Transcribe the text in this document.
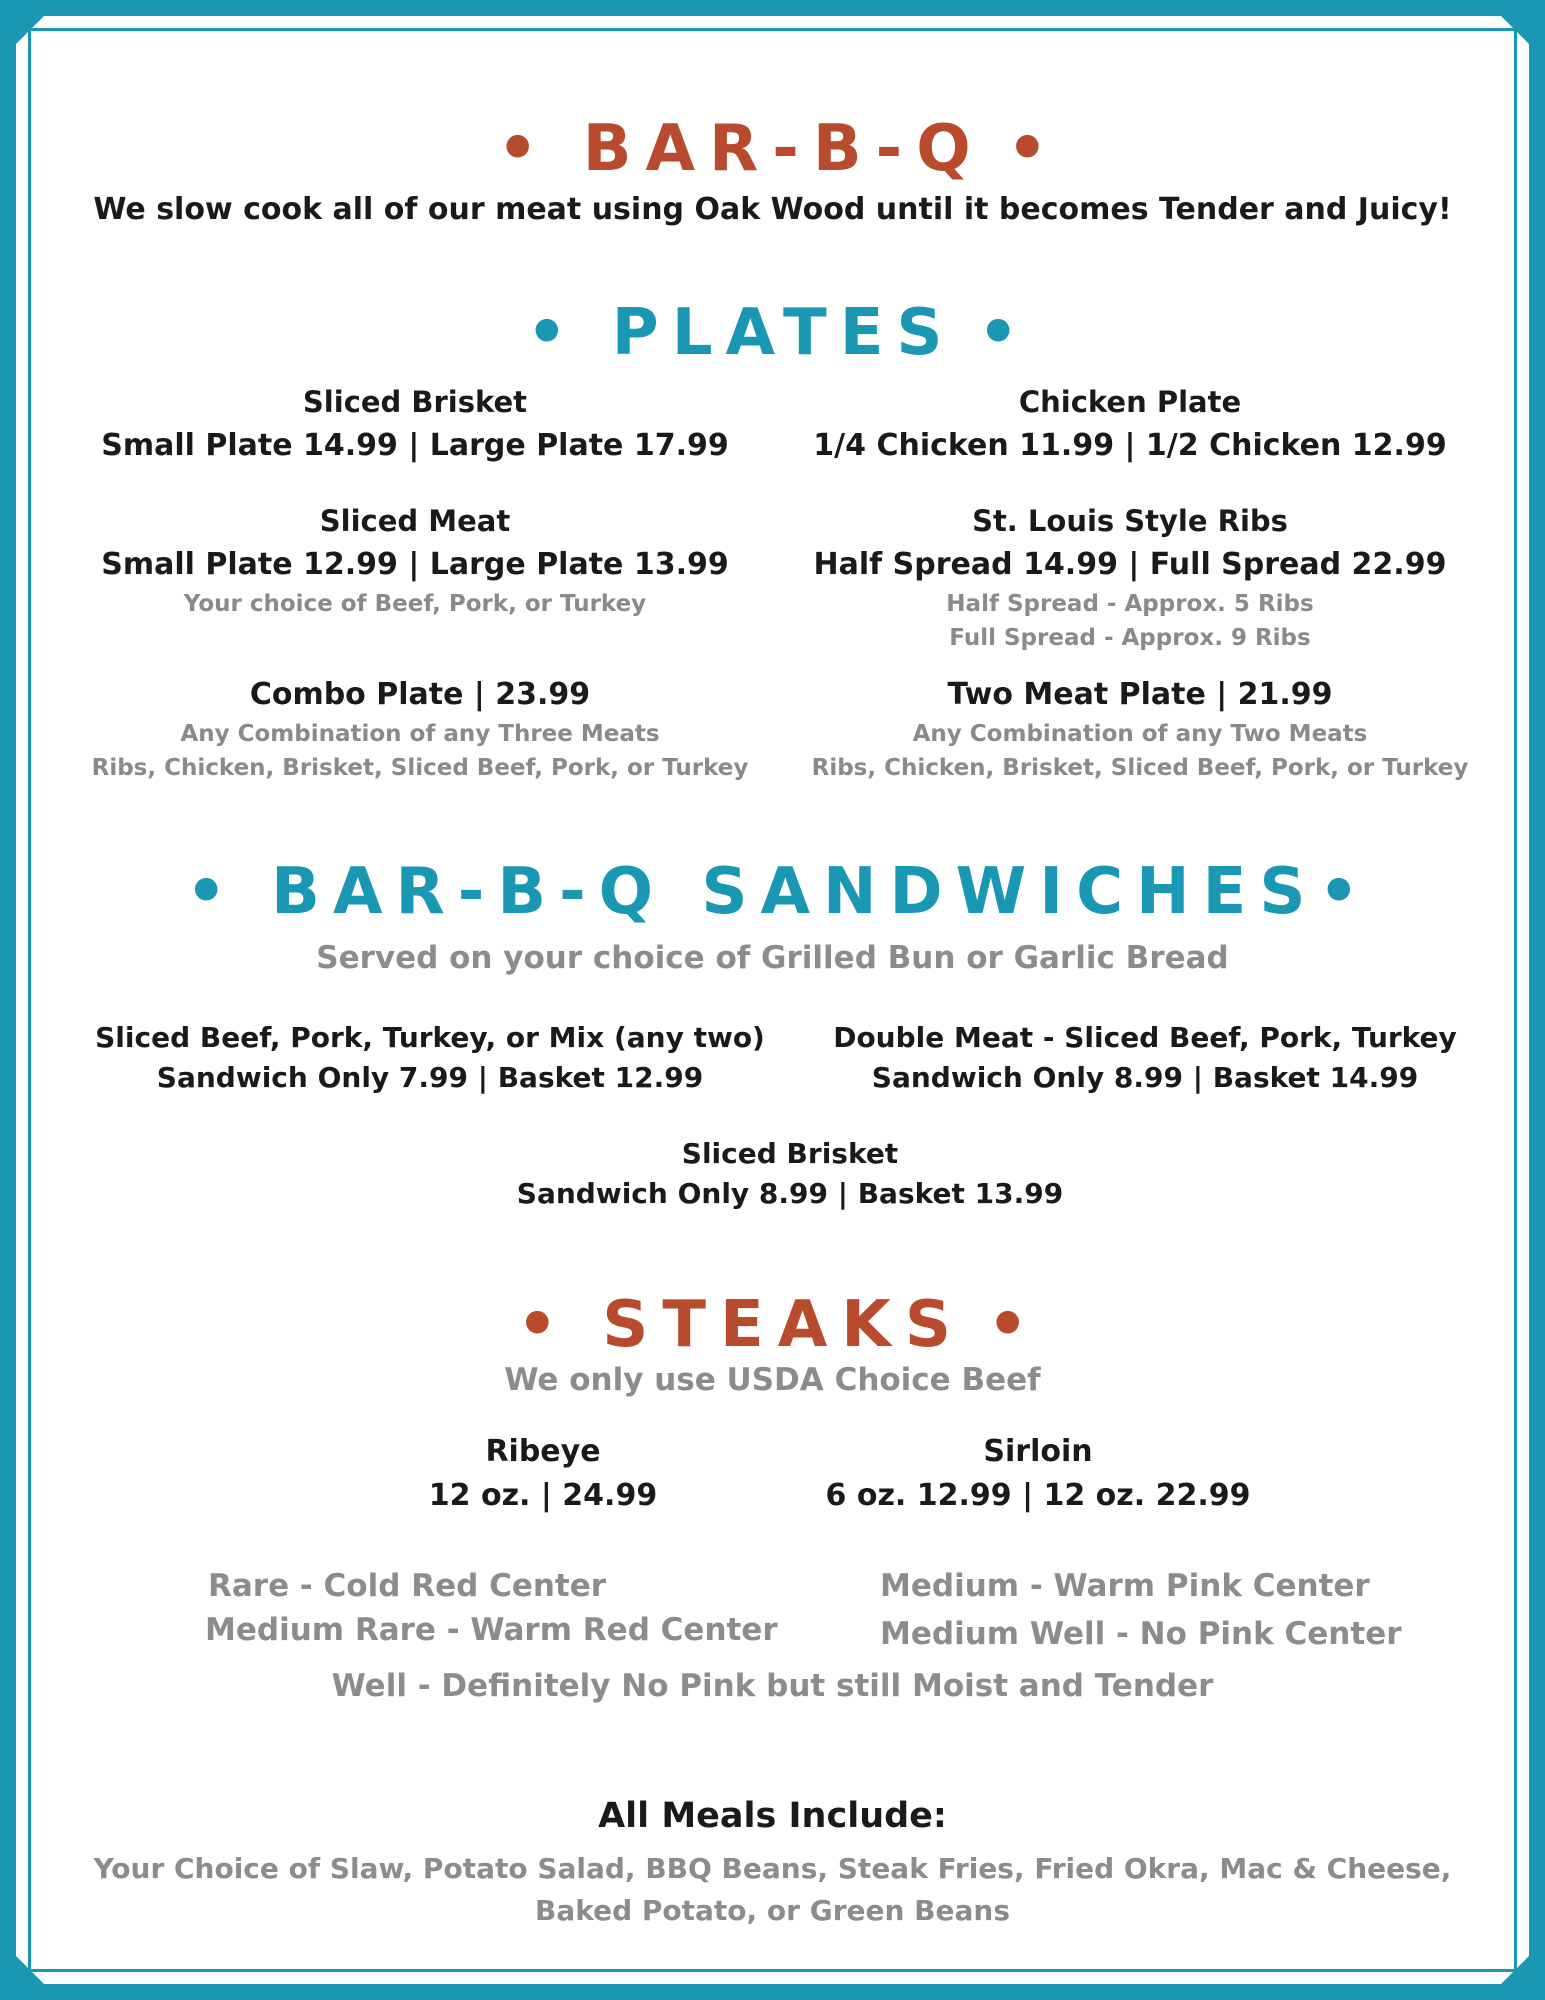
•  BAR-B-Q •
We slow cook all of our meat using Oak Wood until it becomes Tender and Juicy!
•  PLATES •
Sliced Brisket
Small Plate 14.99 | Large Plate 17.99
Chicken Plate
1/4 Chicken 11.99 | 1/2 Chicken 12.99
Sliced Meat
Small Plate 12.99 | Large Plate 13.99
Your choice of Beef, Pork, or Turkey
St. Louis Style Ribs
Half Spread 14.99 | Full Spread 22.99
Half Spread - Approx. 5 Ribs
Full Spread - Approx. 9 Ribs
Combo Plate | 23.99
Any Combination of any Three Meats
Ribs, Chicken, Brisket, Sliced Beef, Pork, or Turkey
Two Meat Plate | 21.99
Any Combination of any Two Meats
Ribs, Chicken, Brisket, Sliced Beef, Pork, or Turkey
•  BAR-B-Q SANDWICHES•
Served on your choice of Grilled Bun or Garlic Bread
Sliced Beef, Pork, Turkey, or Mix (any two)
Sandwich Only 7.99 | Basket 12.99
Double Meat - Sliced Beef, Pork, Turkey
Sandwich Only 8.99 | Basket 14.99
Sliced Brisket
Sandwich Only 8.99 | Basket 13.99
•  STEAKS •
We only use USDA Choice Beef
Ribeye
12 oz. | 24.99
Sirloin
6 oz. 12.99 | 12 oz. 22.99
Rare - Cold Red Center
Medium Rare - Warm Red Center
Medium - Warm Pink Center
Medium Well - No Pink Center
Well - Definitely No Pink but still Moist and Tender
All Meals Include:
Your Choice of Slaw, Potato Salad, BBQ Beans, Steak Fries, Fried Okra, Mac & Cheese,
Baked Potato, or Green Beans
